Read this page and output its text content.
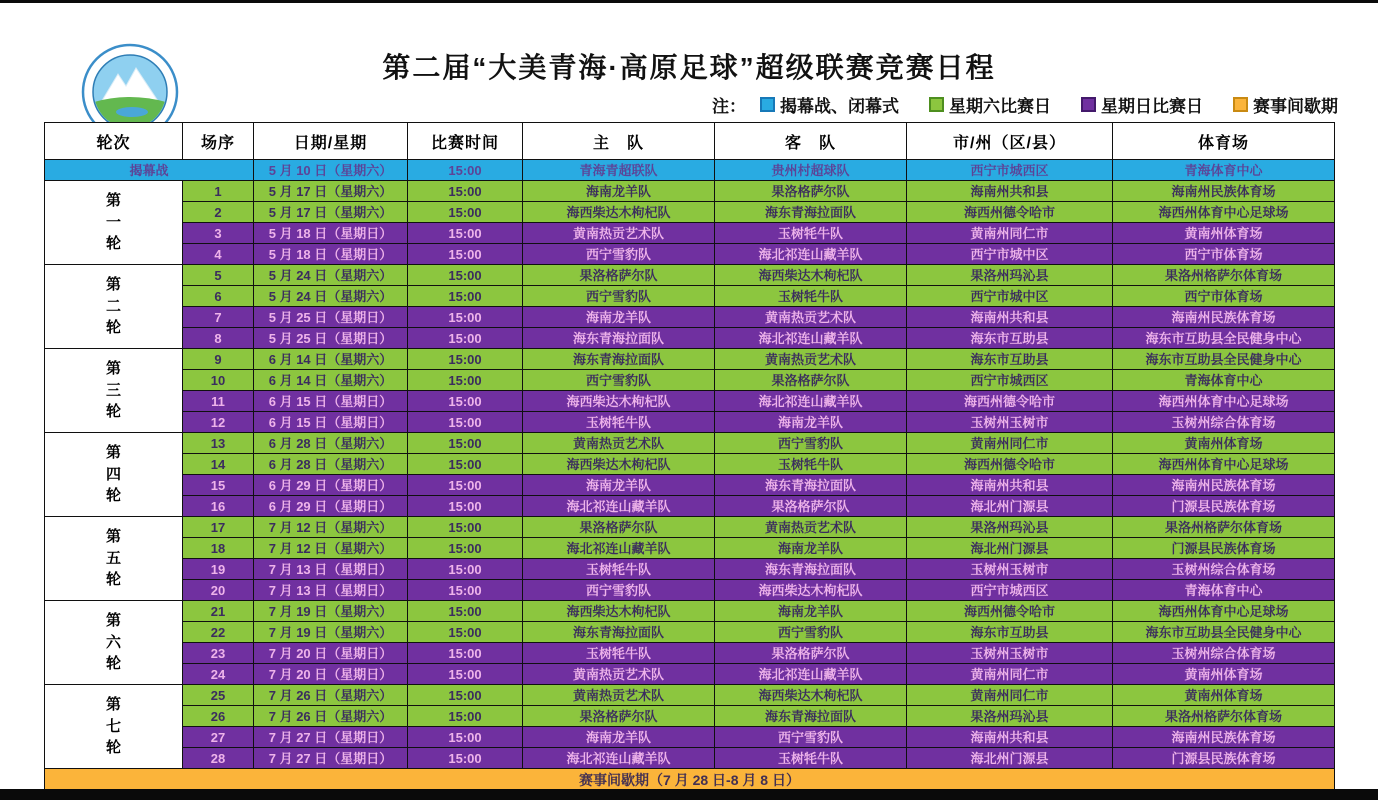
第二届“大美青海·高原足球”超级联赛竞赛日程
注： 揭幕战、闭幕式	星期六比赛日	星期日比赛日	赛事间歇期
轮次	场序	日期/星期	比赛时间	主　队	客　队	市/州（区/县）	体育场
揭幕战		5 月 10 日（星期六）	15:00	青海青超联队	贵州村超球队	西宁市城西区	青海体育中心

第
一
轮	1	5 月 17 日（星期六）	15:00	海南龙羊队	果洛格萨尔队	海南州共和县	海南州民族体育场
	2	5 月 17 日（星期六）	15:00	海西柴达木枸杞队	海东青海拉面队	海西州德令哈市	海西州体育中心足球场
	3	5 月 18 日（星期日）	15:00	黄南热贡艺术队	玉树牦牛队	黄南州同仁市	黄南州体育场
	4	5 月 18 日（星期日）	15:00	西宁雪豹队	海北祁连山藏羊队	西宁市城中区	西宁市体育场

第
二
轮	5	5 月 24 日（星期六）	15:00	果洛格萨尔队	海西柴达木枸杞队	果洛州玛沁县	果洛州格萨尔体育场
	6	5 月 24 日（星期六）	15:00	西宁雪豹队	玉树牦牛队	西宁市城中区	西宁市体育场
	7	5 月 25 日（星期日）	15:00	海南龙羊队	黄南热贡艺术队	海南州共和县	海南州民族体育场
	8	5 月 25 日（星期日）	15:00	海东青海拉面队	海北祁连山藏羊队	海东市互助县	海东市互助县全民健身中心

第
三
轮	9	6 月 14 日（星期六）	15:00	海东青海拉面队	黄南热贡艺术队	海东市互助县	海东市互助县全民健身中心
	10	6 月 14 日（星期六）	15:00	西宁雪豹队	果洛格萨尔队	西宁市城西区	青海体育中心
	11	6 月 15 日（星期日）	15:00	海西柴达木枸杞队	海北祁连山藏羊队	海西州德令哈市	海西州体育中心足球场
	12	6 月 15 日（星期日）	15:00	玉树牦牛队	海南龙羊队	玉树州玉树市	玉树州综合体育场

第
四
轮	13	6 月 28 日（星期六）	15:00	黄南热贡艺术队	西宁雪豹队	黄南州同仁市	黄南州体育场
	14	6 月 28 日（星期六）	15:00	海西柴达木枸杞队	玉树牦牛队	海西州德令哈市	海西州体育中心足球场
	15	6 月 29 日（星期日）	15:00	海南龙羊队	海东青海拉面队	海南州共和县	海南州民族体育场
	16	6 月 29 日（星期日）	15:00	海北祁连山藏羊队	果洛格萨尔队	海北州门源县	门源县民族体育场

第
五
轮	17	7 月 12 日（星期六）	15:00	果洛格萨尔队	黄南热贡艺术队	果洛州玛沁县	果洛州格萨尔体育场
	18	7 月 12 日（星期六）	15:00	海北祁连山藏羊队	海南龙羊队	海北州门源县	门源县民族体育场
	19	7 月 13 日（星期日）	15:00	玉树牦牛队	海东青海拉面队	玉树州玉树市	玉树州综合体育场
	20	7 月 13 日（星期日）	15:00	西宁雪豹队	海西柴达木枸杞队	西宁市城西区	青海体育中心

第
六
轮	21	7 月 19 日（星期六）	15:00	海西柴达木枸杞队	海南龙羊队	海西州德令哈市	海西州体育中心足球场
	22	7 月 19 日（星期六）	15:00	海东青海拉面队	西宁雪豹队	海东市互助县	海东市互助县全民健身中心
	23	7 月 20 日（星期日）	15:00	玉树牦牛队	果洛格萨尔队	玉树州玉树市	玉树州综合体育场
	24	7 月 20 日（星期日）	15:00	黄南热贡艺术队	海北祁连山藏羊队	黄南州同仁市	黄南州体育场

第
七
轮	25	7 月 26 日（星期六）	15:00	黄南热贡艺术队	海西柴达木枸杞队	黄南州同仁市	黄南州体育场
	26	7 月 26 日（星期六）	15:00	果洛格萨尔队	海东青海拉面队	果洛州玛沁县	果洛州格萨尔体育场
	27	7 月 27 日（星期日）	15:00	海南龙羊队	西宁雪豹队	海南州共和县	海南州民族体育场
	28	7 月 27 日（星期日）	15:00	海北祁连山藏羊队	玉树牦牛队	海北州门源县	门源县民族体育场
赛事间歇期（7 月 28 日-8 月 8 日）							
